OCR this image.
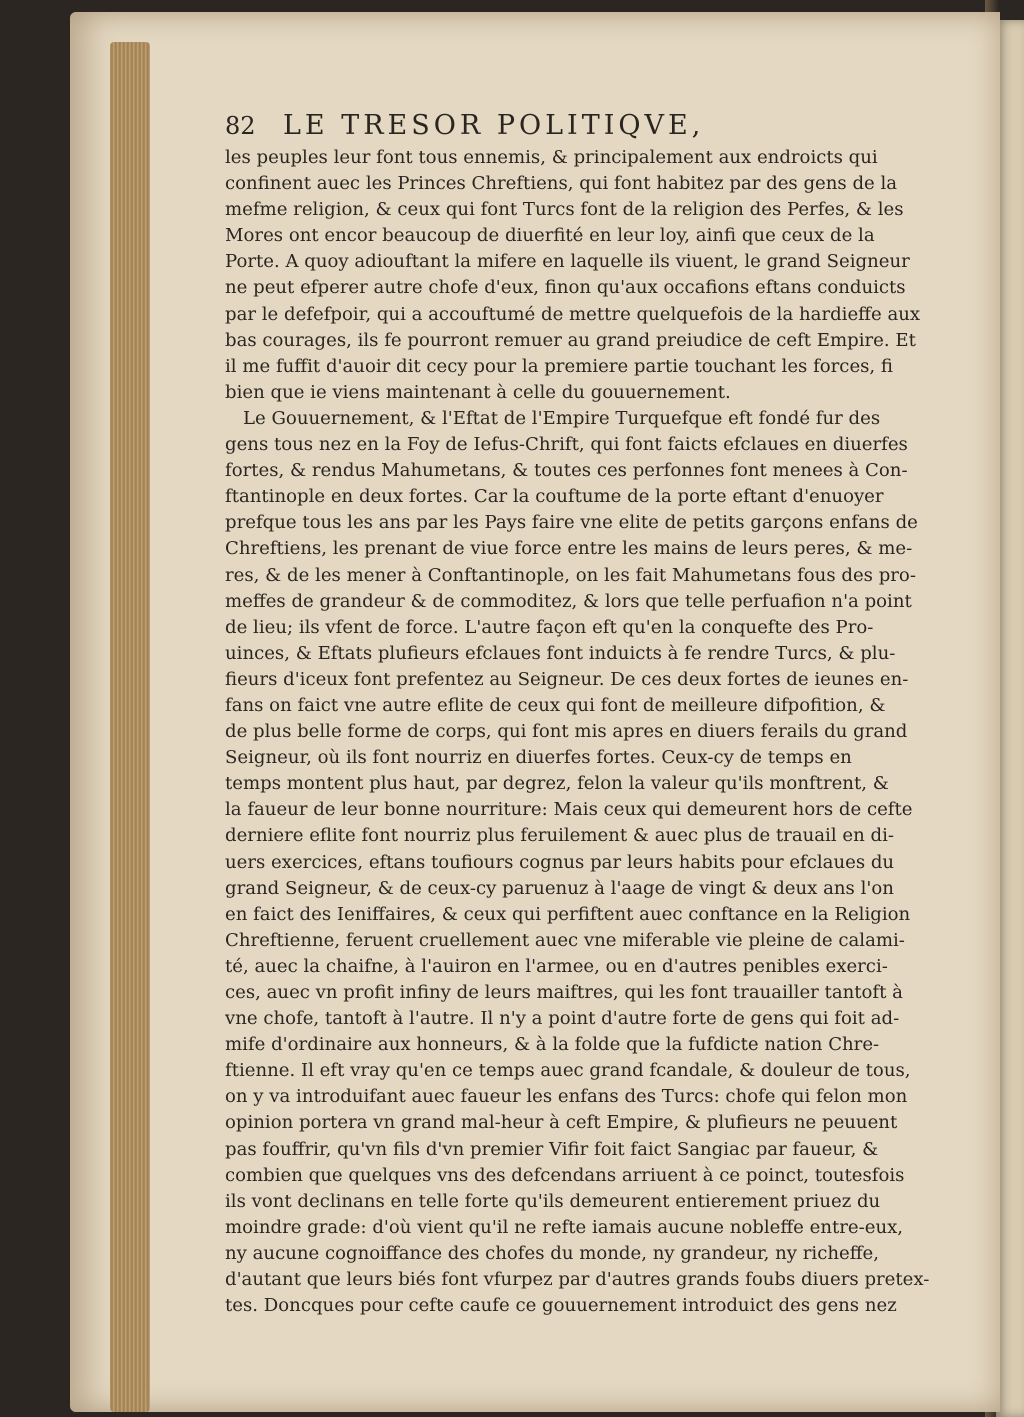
82 LE TRESOR POLITIQVE,
les peuples leur font tous ennemis, & principalement aux endroicts qui
confinent auec les Princes Chreftiens, qui font habitez par des gens de la
mefme religion, & ceux qui font Turcs font de la religion des Perfes, & les
Mores ont encor beaucoup de diuerfité en leur loy, ainfi que ceux de la
Porte. A quoy adiouftant la mifere en laquelle ils viuent, le grand Seigneur
ne peut efperer autre chofe d'eux, finon qu'aux occafions eftans conduicts
par le defefpoir, qui a accouftumé de mettre quelquefois de la hardieffe aux
bas courages, ils fe pourront remuer au grand preiudice de ceft Empire. Et
il me fuffit d'auoir dit cecy pour la premiere partie touchant les forces, fi
bien que ie viens maintenant à celle du gouuernement.
Le Gouuernement, & l'Eftat de l'Empire Turquefque eft fondé fur des
gens tous nez en la Foy de Iefus-Chrift, qui font faicts efclaues en diuerfes
fortes, & rendus Mahumetans, & toutes ces perfonnes font menees à Con-
ftantinople en deux fortes. Car la couftume de la porte eftant d'enuoyer
prefque tous les ans par les Pays faire vne elite de petits garçons enfans de
Chreftiens, les prenant de viue force entre les mains de leurs peres, & me-
res, & de les mener à Conftantinople, on les fait Mahumetans fous des pro-
meffes de grandeur & de commoditez, & lors que telle perfuafion n'a point
de lieu; ils vfent de force. L'autre façon eft qu'en la conquefte des Pro-
uinces, & Eftats plufieurs efclaues font induicts à fe rendre Turcs, & plu-
fieurs d'iceux font prefentez au Seigneur. De ces deux fortes de ieunes en-
fans on faict vne autre eflite de ceux qui font de meilleure difpofition, &
de plus belle forme de corps, qui font mis apres en diuers ferails du grand
Seigneur, où ils font nourriz en diuerfes fortes. Ceux-cy de temps en
temps montent plus haut, par degrez, felon la valeur qu'ils monftrent, &
la faueur de leur bonne nourriture: Mais ceux qui demeurent hors de cefte
derniere eflite font nourriz plus feruilement & auec plus de trauail en di-
uers exercices, eftans toufiours cognus par leurs habits pour efclaues du
grand Seigneur, & de ceux-cy paruenuz à l'aage de vingt & deux ans l'on
en faict des Ieniffaires, & ceux qui perfiftent auec conftance en la Religion
Chreftienne, feruent cruellement auec vne miferable vie pleine de calami-
té, auec la chaifne, à l'auiron en l'armee, ou en d'autres penibles exerci-
ces, auec vn profit infiny de leurs maiftres, qui les font trauailler tantoft à
vne chofe, tantoft à l'autre. Il n'y a point d'autre forte de gens qui foit ad-
mife d'ordinaire aux honneurs, & à la folde que la fufdicte nation Chre-
ftienne. Il eft vray qu'en ce temps auec grand fcandale, & douleur de tous,
on y va introduifant auec faueur les enfans des Turcs: chofe qui felon mon
opinion portera vn grand mal-heur à ceft Empire, & plufieurs ne peuuent
pas fouffrir, qu'vn fils d'vn premier Vifir foit faict Sangiac par faueur, &
combien que quelques vns des defcendans arriuent à ce poinct, toutesfois
ils vont declinans en telle forte qu'ils demeurent entierement priuez du
moindre grade: d'où vient qu'il ne refte iamais aucune nobleffe entre-eux,
ny aucune cognoiffance des chofes du monde, ny grandeur, ny richeffe,
d'autant que leurs biés font vfurpez par d'autres grands foubs diuers pretex-
tes. Doncques pour cefte caufe ce gouuernement introduict des gens nez
